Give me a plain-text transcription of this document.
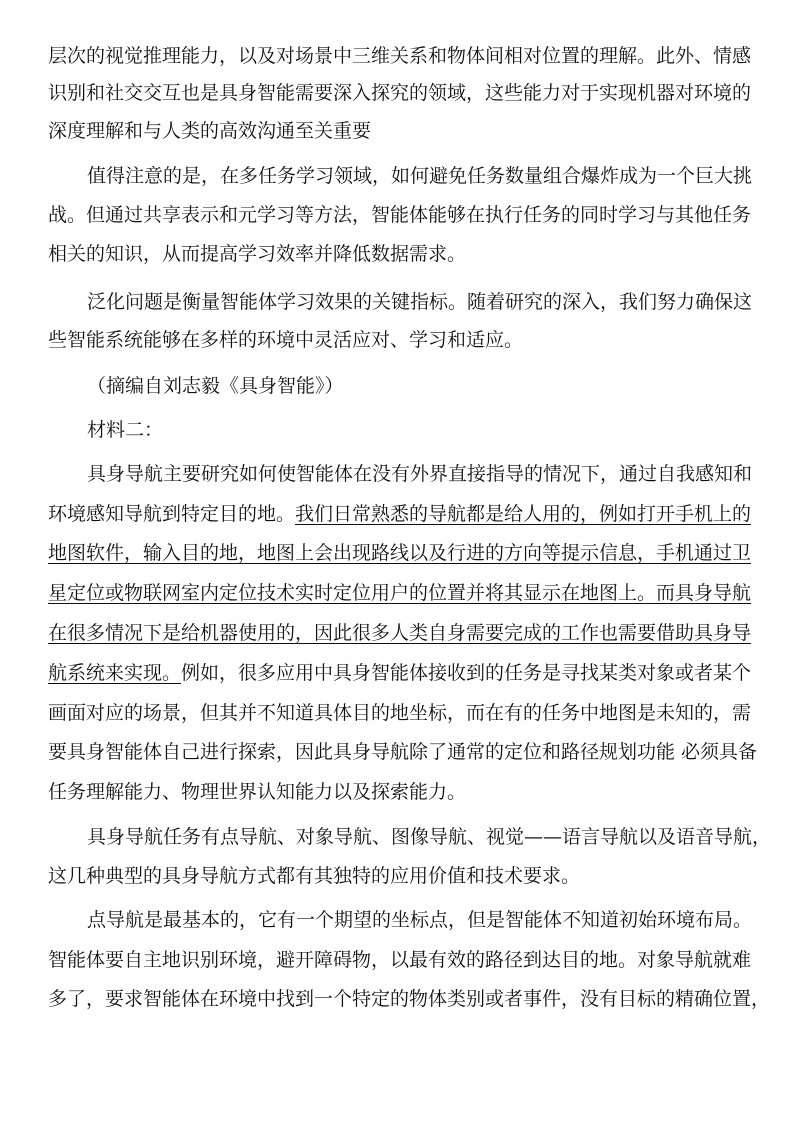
层次的视觉推理能力，以及对场景中三维关系和物体间相对位置的理解。此外、情感
识别和社交交互也是具身智能需要深入探究的领域，这些能力对于实现机器对环境的
深度理解和与人类的高效沟通至关重要
值得注意的是，在多任务学习领域，如何避免任务数量组合爆炸成为一个巨大挑
战。但通过共享表示和元学习等方法，智能体能够在执行任务的同时学习与其他任务
相关的知识，从而提高学习效率并降低数据需求。
泛化问题是衡量智能体学习效果的关键指标。随着研究的深入，我们努力确保这
些智能系统能够在多样的环境中灵活应对、学习和适应。
（摘编自刘志毅《具身智能》）
材料二：
具身导航主要研究如何使智能体在没有外界直接指导的情况下，通过自我感知和
环境感知导航到特定目的地。我们日常熟悉的导航都是给人用的，例如打开手机上的
地图软件，输入目的地，地图上会出现路线以及行进的方向等提示信息，手机通过卫
星定位或物联网室内定位技术实时定位用户的位置并将其显示在地图上。而具身导航
在很多情况下是给机器使用的，因此很多人类自身需要完成的工作也需要借助具身导
航系统来实现。例如，很多应用中具身智能体接收到的任务是寻找某类对象或者某个
画面对应的场景，但其并不知道具体目的地坐标，而在有的任务中地图是未知的，需
要具身智能体自己进行探索，因此具身导航除了通常的定位和路径规划功能 必须具备
任务理解能力、物理世界认知能力以及探索能力。
具身导航任务有点导航、对象导航、图像导航、视觉——语言导航以及语音导航，
这几种典型的具身导航方式都有其独特的应用价值和技术要求。
点导航是最基本的，它有一个期望的坐标点，但是智能体不知道初始环境布局。
智能体要自主地识别环境，避开障碍物，以最有效的路径到达目的地。对象导航就难
多了，要求智能体在环境中找到一个特定的物体类别或者事件，没有目标的精确位置，
